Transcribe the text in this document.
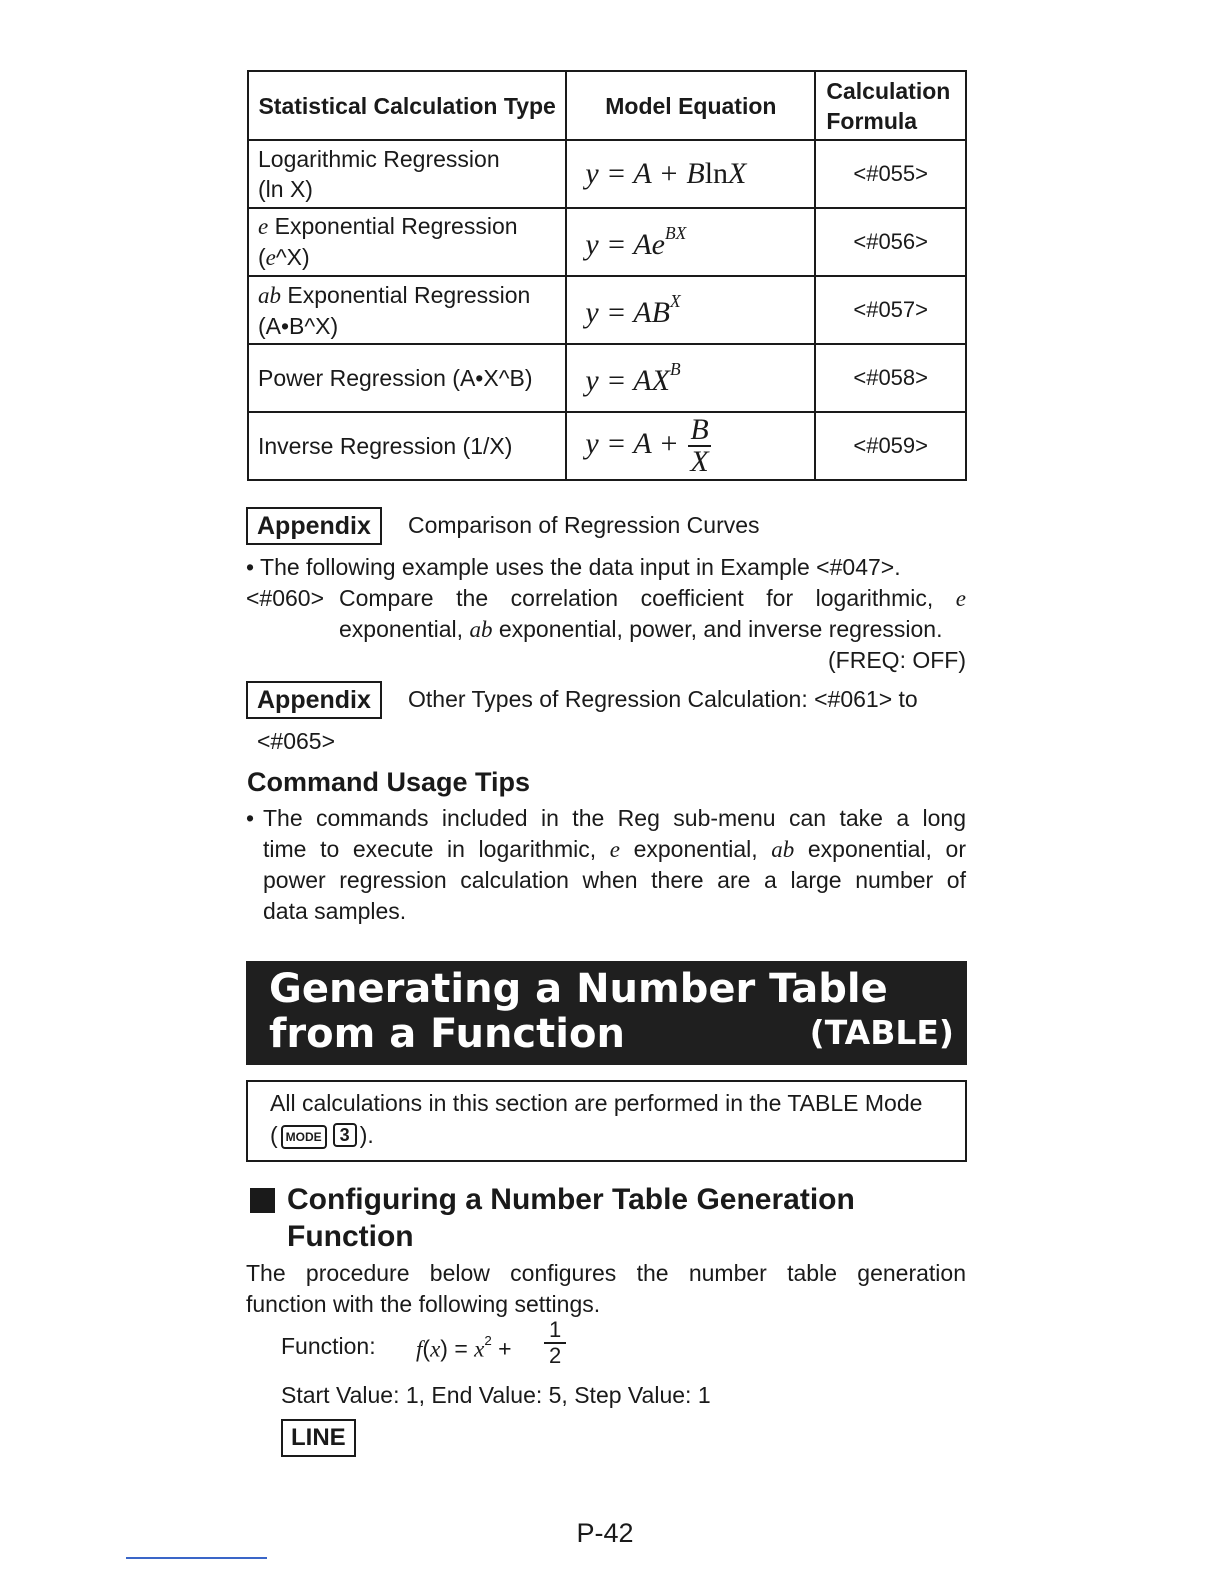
Statistical Calculation Type	Model Equation	Calculation Formula

Logarithmic Regression
(ln X)	y = A + BlnX	<#055>

e Exponential Regression
(e^X)	$y = Ae^{BX}$	<#056>

ab Exponential Regression
(A•B^X)	$y = AB^X$	<#057>

Power Regression (A•X^B)	$y = AX^B$	<#058>

Inverse Regression (1/X)	$y = A + \frac{B}{X}$	<#059>
Appendix	Comparison of Regression Curves
• The following example uses the data input in Example <#047>.
<#060> Compare the correlation coefficient for logarithmic, e
exponential, ab exponential, power, and inverse regression.
(FREQ: OFF)
Appendix	Other Types of Regression Calculation: <#061> to
<#065>
Command Usage Tips
• The commands included in the Reg sub-menu can take a long
time to execute in logarithmic, e exponential, ab exponential, or
power regression calculation when there are a large number of
data samples.
Generating a Number Table
from a Function	(TABLE)
All calculations in this section are performed in the TABLE Mode
( MODE 3 ).
Configuring a Number Table Generation
Function
The procedure below configures the number table generation
function with the following settings.
Function: $f(x) = x^2$ +
1
2
Start Value: 1, End Value: 5, Step Value: 1
LINE
P-42
